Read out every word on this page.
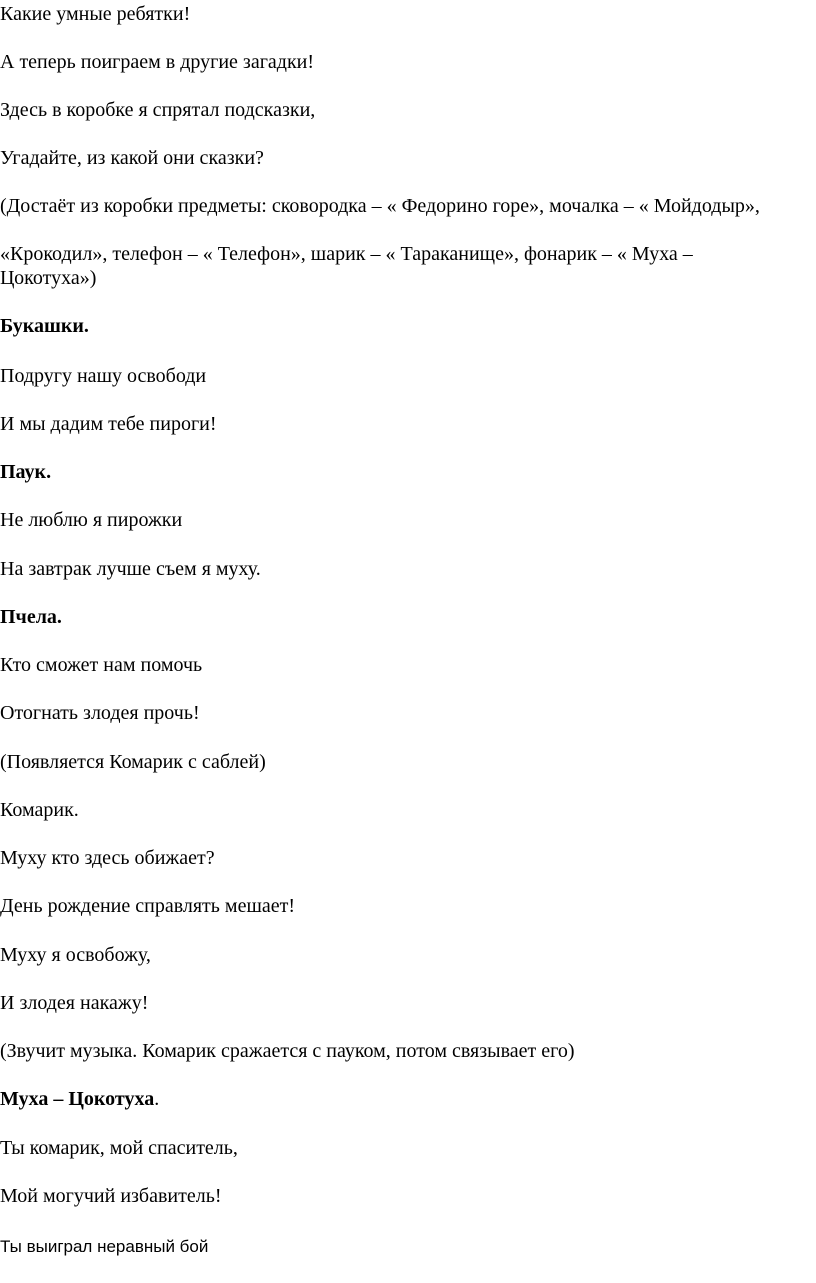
Какие умные ребятки!

А теперь поиграем в другие загадки!

Здесь в коробке я спрятал подсказки,

Угадайте, из какой они сказки?

(Достаёт из коробки предметы: сковородка – « Федорино горе», мочалка – « Мойдодыр»,

«Крокодил», телефон – « Телефон», шарик – « Тараканище», фонарик – « Муха – Цокотуха»)

Букашки.

Подругу нашу освободи

И мы дадим тебе пироги!

Паук.

Не люблю я пирожки

На завтрак лучше съем я муху.

Пчела.

Кто сможет нам помочь

Отогнать злодея прочь!

(Появляется Комарик с саблей)

Комарик.

Муху кто здесь обижает?

День рождение справлять мешает!

Муху я освобожу,

И злодея накажу!

(Звучит музыка. Комарик сражается с пауком, потом связывает его)

Муха – Цокотуха.

Ты комарик, мой спаситель,

Мой могучий избавитель!

Ты выиграл неравный бой
